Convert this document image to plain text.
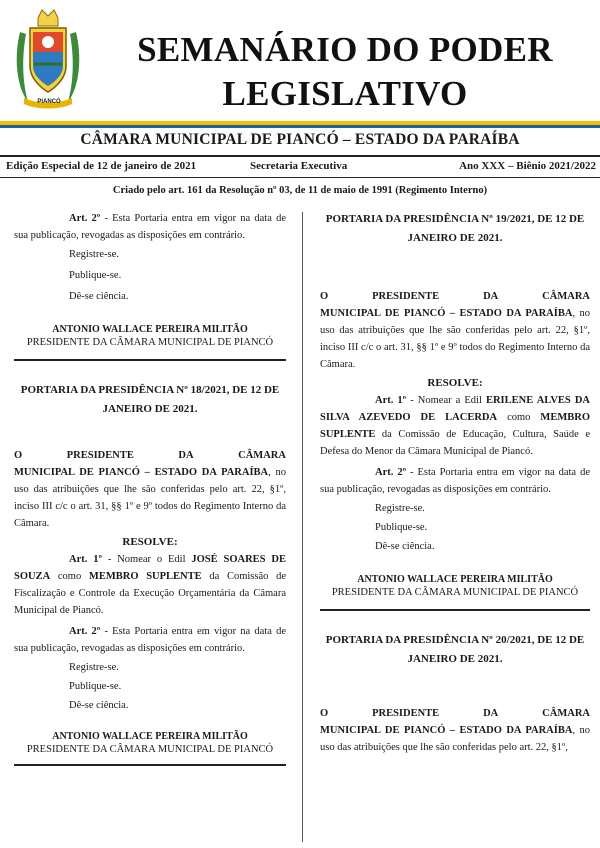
PIANCÓ
SEMANÁRIO DO PODER
LEGISLATIVO
CÂMARA MUNICIPAL DE PIANCÓ – ESTADO DA PARAÍBA
Edição Especial de 12 de janeiro de 2021	Secretaria Executiva	Ano XXX – Biênio 2021/2022
Criado pelo art. 161 da Resolução nº 03, de 11 de maio de 1991 (Regimento Interno)

Art. 2º - Esta Portaria entra em vigor na data de sua publicação, revogadas as disposições em contrário.

Registre-se.
Publique-se.
Dê-se ciência.
ANTONIO WALLACE PEREIRA MILITÃO
PRESIDENTE DA CÂMARA MUNICIPAL DE PIANCÓ
PORTARIA DA PRESIDÊNCIA Nº 18/2021, DE 12 DE JANEIRO DE 2021.
O	PRESIDENTE	DA	CÂMARA

MUNICIPAL DE PIANCÓ – ESTADO DA PARAÍBA, no uso das atribuições que lhe são conferidas pelo art. 22, §1º, inciso III c/c o art. 31, §§ 1º e 9º todos do Regimento Interno da Câmara.

RESOLVE:

Art. 1º - Nomear o Edil JOSÉ SOARES DE SOUZA como MEMBRO SUPLENTE da Comissão de Fiscalização e Controle da Execução Orçamentária da Câmara Municipal de Piancó.

Art. 2º - Esta Portaria entra em vigor na data de sua publicação, revogadas as disposições em contrário.

Registre-se.
Publique-se.
Dê-se ciência.
ANTONIO WALLACE PEREIRA MILITÃO
PRESIDENTE DA CÂMARA MUNICIPAL DE PIANCÓ
PORTARIA DA PRESIDÊNCIA Nº 19/2021, DE 12 DE JANEIRO DE 2021.
O	PRESIDENTE	DA	CÂMARA

MUNICIPAL DE PIANCÓ – ESTADO DA PARAÍBA, no uso das atribuições que lhe são conferidas pelo art. 22, §1º, inciso III c/c o art. 31, §§ 1º e 9º todos do Regimento Interno da Câmara.

RESOLVE:

Art. 1º - Nomear a Edil ERILENE ALVES DA SILVA AZEVEDO DE LACERDA como MEMBRO SUPLENTE da Comissão de Educação, Cultura, Saúde e Defesa do Menor da Câmara Municipal de Piancó.

Art. 2º - Esta Portaria entra em vigor na data de sua publicação, revogadas as disposições em contrário.

Registre-se.
Publique-se.
Dê-se ciência.
ANTONIO WALLACE PEREIRA MILITÃO
PRESIDENTE DA CÂMARA MUNICIPAL DE PIANCÓ
PORTARIA DA PRESIDÊNCIA Nº 20/2021, DE 12 DE JANEIRO DE 2021.
O	PRESIDENTE	DA	CÂMARA

MUNICIPAL DE PIANCÓ – ESTADO DA PARAÍBA, no uso das atribuições que lhe são conferidas pelo art. 22, §1º,
